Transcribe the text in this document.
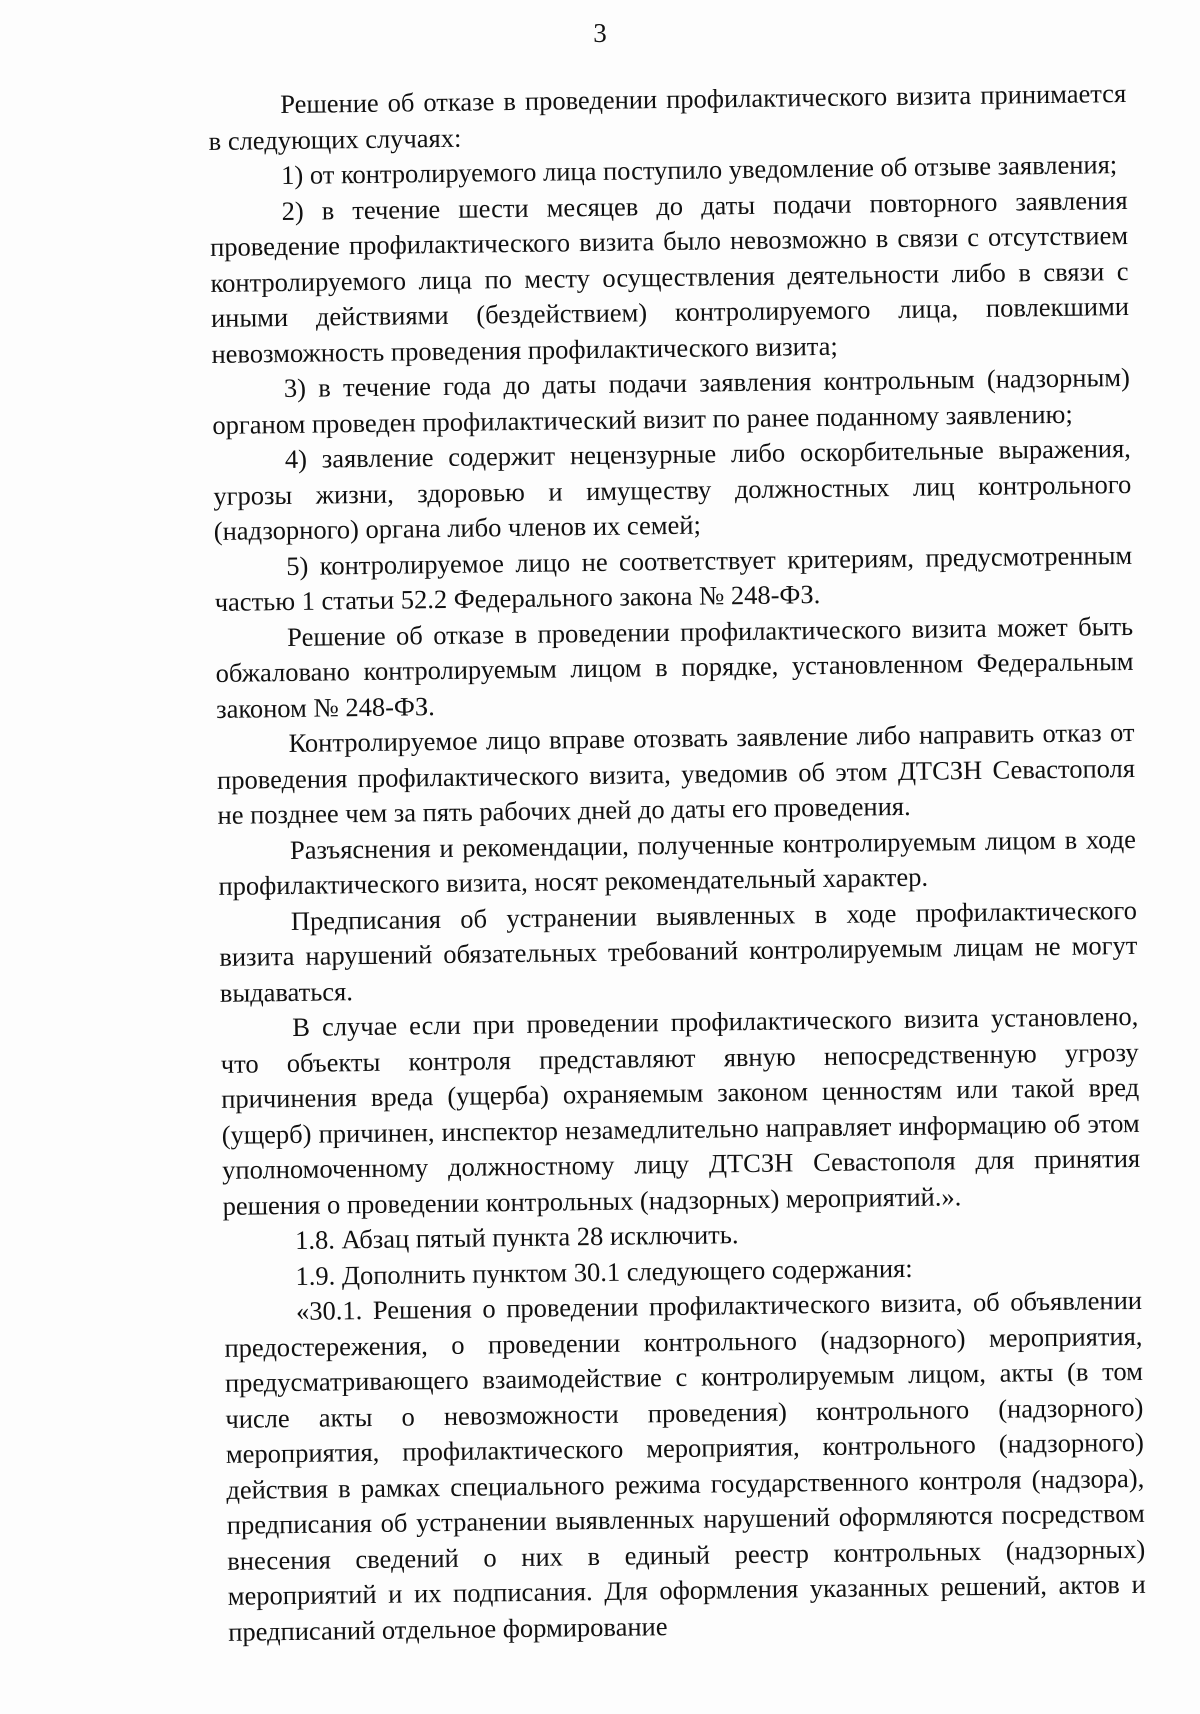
3

Решение об отказе в проведении профилактического визита принимается в следующих случаях:

1) от контролируемого лица поступило уведомление об отзыве заявления;

2) в течение шести месяцев до даты подачи повторного заявления проведение профилактического визита было невозможно в связи с отсутствием контролируемого лица по месту осуществления деятельности либо в связи с иными действиями (бездействием) контролируемого лица, повлекшими невозможность проведения профилактического визита;

3) в течение года до даты подачи заявления контрольным (надзорным) органом проведен профилактический визит по ранее поданному заявлению;

4) заявление содержит нецензурные либо оскорбительные выражения, угрозы жизни, здоровью и имуществу должностных лиц контрольного (надзорного) органа либо членов их семей;

5) контролируемое лицо не соответствует критериям, предусмотренным частью 1 статьи 52.2 Федерального закона № 248-ФЗ.

Решение об отказе в проведении профилактического визита может быть обжаловано контролируемым лицом в порядке, установленном Федеральным законом № 248-ФЗ.

Контролируемое лицо вправе отозвать заявление либо направить отказ от проведения профилактического визита, уведомив об этом ДТСЗН Севастополя не позднее чем за пять рабочих дней до даты его проведения.

Разъяснения и рекомендации, полученные контролируемым лицом в ходе профилактического визита, носят рекомендательный характер.

Предписания об устранении выявленных в ходе профилактического визита нарушений обязательных требований контролируемым лицам не могут выдаваться.

В случае если при проведении профилактического визита установлено, что объекты контроля представляют явную непосредственную угрозу причинения вреда (ущерба) охраняемым законом ценностям или такой вред (ущерб) причинен, инспектор незамедлительно направляет информацию об этом уполномоченному должностному лицу ДТСЗН Севастополя для принятия решения о проведении контрольных (надзорных) мероприятий.».

1.8. Абзац пятый пункта 28 исключить.

1.9. Дополнить пунктом 30.1 следующего содержания:

«30.1. Решения о проведении профилактического визита, об объявлении предостережения, о проведении контрольного (надзорного) мероприятия, предусматривающего взаимодействие с контролируемым лицом, акты (в том числе акты о невозможности проведения) контрольного (надзорного) мероприятия, профилактического мероприятия, контрольного (надзорного) действия в рамках специального режима государственного контроля (надзора), предписания об устранении выявленных нарушений оформляются посредством внесения сведений о них в единый реестр контрольных (надзорных) мероприятий и их подписания. Для оформления указанных решений, актов и предписаний отдельное формирование
